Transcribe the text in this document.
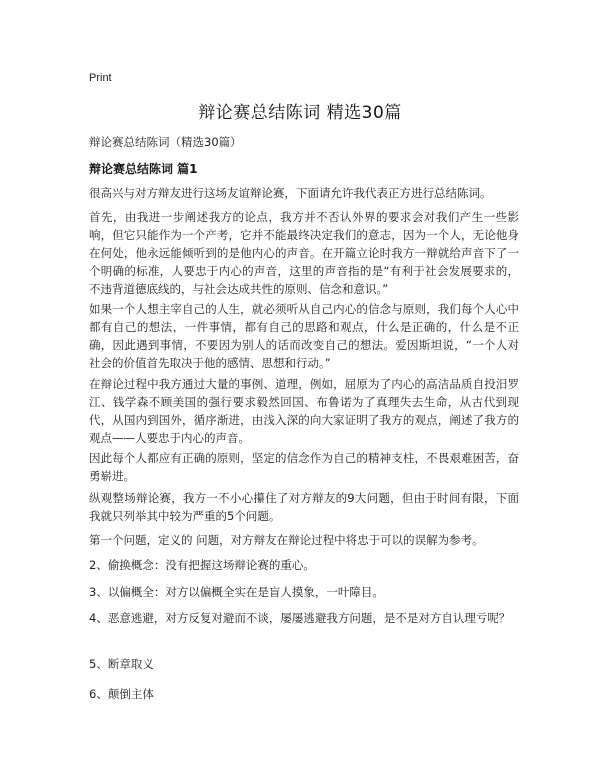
Print
辩论赛总结陈词 精选30篇
辩论赛总结陈词（精选30篇）
辩论赛总结陈词 篇1

很高兴与对方辩友进行这场友谊辩论赛，下面请允许我代表正方进行总结陈词。

首先，由我进一步阐述我方的论点，我方并不否认外界的要求会对我们产生一些影响，但它只能作为一个产考，它并不能最终决定我们的意志，因为一个人，无论他身在何处，他永远能倾听到的是他内心的声音。在开篇立论时我方一辩就给声音下了一个明确的标准，人要忠于内心的声音，这里的声音指的是“有利于社会发展要求的，不违背道德底线的，与社会达成共性的原则、信念和意识。”

如果一个人想主宰自己的人生，就必须听从自己内心的信念与原则，我们每个人心中都有自己的想法，一件事情，都有自己的思路和观点，什么是正确的，什么是不正确，因此遇到事情，不要因为别人的话而改变自己的想法。爱因斯坦说，“一个人对社会的价值首先取决于他的感情、思想和行动。”

在辩论过程中我方通过大量的事例、道理，例如，屈原为了内心的高洁品质自投汨罗江、钱学森不顾美国的强行要求毅然回国、布鲁诺为了真理失去生命，从古代到现代，从国内到国外，循序渐进，由浅入深的向大家证明了我方的观点，阐述了我方的观点——人要忠于内心的声音。

因此每个人都应有正确的原则，坚定的信念作为自己的精神支柱，不畏艰难困苦，奋勇崭进。

纵观整场辩论赛，我方一不小心攥住了对方辩友的9大问题，但由于时间有限，下面我就只列举其中较为严重的5个问题。

第一个问题，定义的 问题，对方辩友在辩论过程中将忠于可以的误解为参考。

2、偷换概念：没有把握这场辩论赛的重心。

3、以偏概全：对方以偏概全实在是盲人摸象，一叶障目。

4、恶意逃避，对方反复对避而不谈，屡屡逃避我方问题，是不是对方自认理亏呢？

5、断章取义

6、颠倒主体
